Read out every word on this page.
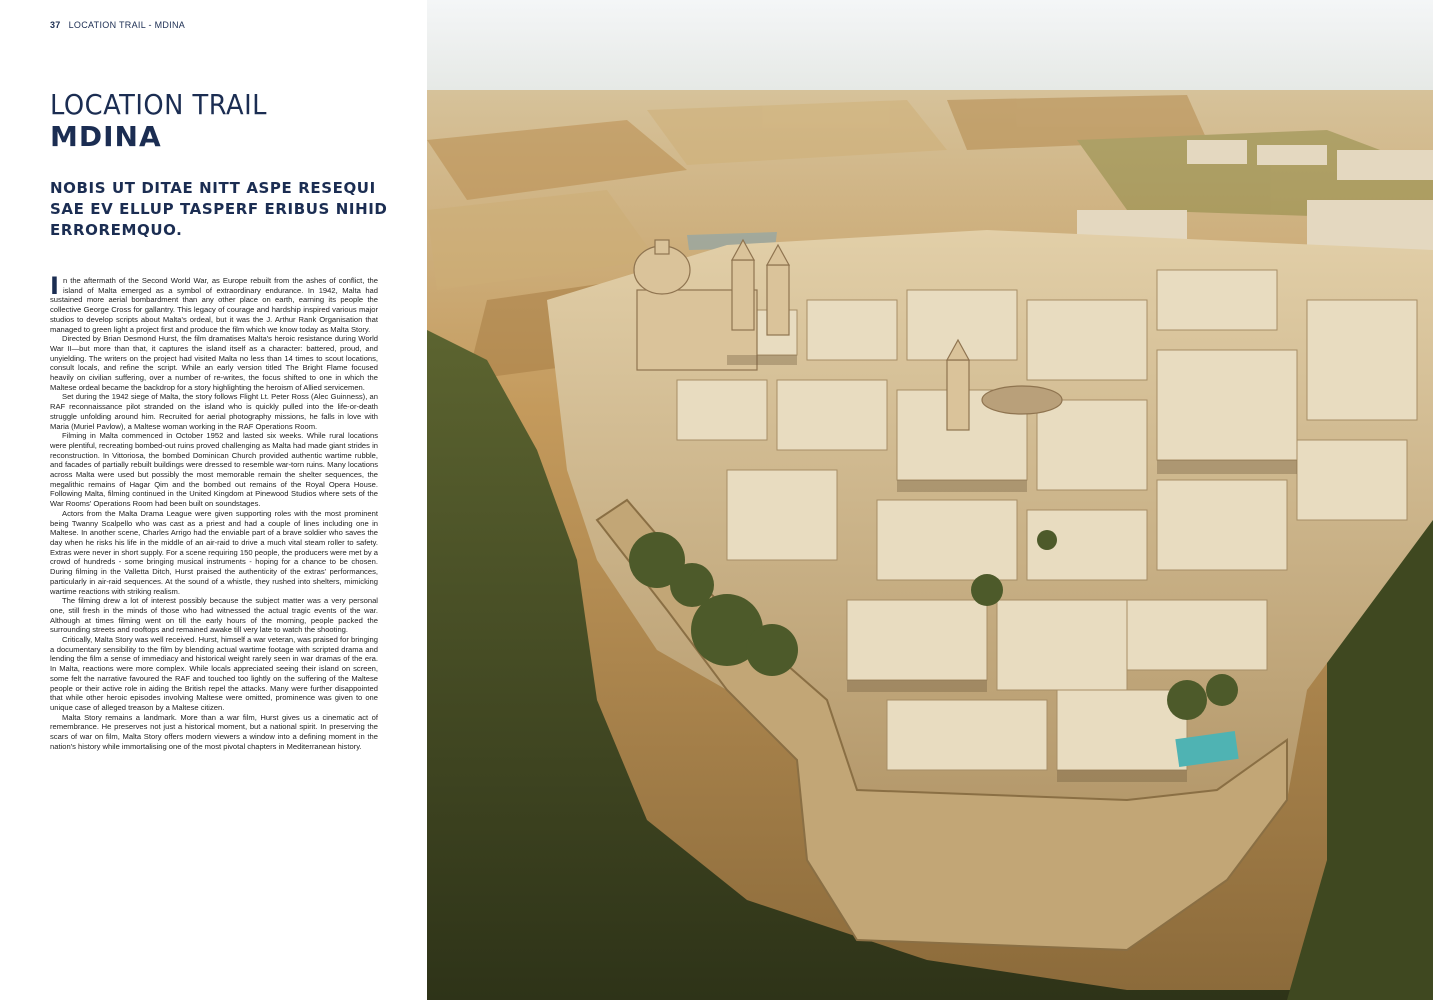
37 LOCATION TRAIL - MDINA
LOCATION TRAIL
MDINA
NOBIS UT DITAE NITT ASPE RESEQUI SAE EV ELLUP TASPERF ERIBUS NIHID ERROREMQUO.

In the aftermath of the Second World War, as Europe rebuilt from the ashes of conflict, the island of Malta emerged as a symbol of extraordinary endurance. In 1942, Malta had sustained more aerial bombardment than any other place on earth, earning its people the collective George Cross for gallantry. This legacy of courage and hardship inspired various major studios to develop scripts about Malta's ordeal, but it was the J. Arthur Rank Organisation that managed to green light a project first and produce the film which we know today as Malta Story.

Directed by Brian Desmond Hurst, the film dramatises Malta's heroic resistance during World War II—but more than that, it captures the island itself as a character: battered, proud, and unyielding. The writers on the project had visited Malta no less than 14 times to scout locations, consult locals, and refine the script. While an early version titled The Bright Flame focused heavily on civilian suffering, over a number of re-writes, the focus shifted to one in which the Maltese ordeal became the backdrop for a story highlighting the heroism of Allied servicemen.

Set during the 1942 siege of Malta, the story follows Flight Lt. Peter Ross (Alec Guinness), an RAF reconnaissance pilot stranded on the island who is quickly pulled into the life-or-death struggle unfolding around him. Recruited for aerial photography missions, he falls in love with Maria (Muriel Pavlow), a Maltese woman working in the RAF Operations Room.

Filming in Malta commenced in October 1952 and lasted six weeks. While rural locations were plentiful, recreating bombed-out ruins proved challenging as Malta had made giant strides in reconstruction. In Vittoriosa, the bombed Dominican Church provided authentic wartime rubble, and facades of partially rebuilt buildings were dressed to resemble war-torn ruins. Many locations across Malta were used but possibly the most memorable remain the shelter sequences, the megalithic remains of Hagar Qim and the bombed out remains of the Royal Opera House. Following Malta, filming continued in the United Kingdom at Pinewood Studios where sets of the War Rooms' Operations Room had been built on soundstages.

Actors from the Malta Drama League were given supporting roles with the most prominent being Twanny Scalpello who was cast as a priest and had a couple of lines including one in Maltese. In another scene, Charles Arrigo had the enviable part of a brave soldier who saves the day when he risks his life in the middle of an air-raid to drive a much vital steam roller to safety. Extras were never in short supply. For a scene requiring 150 people, the producers were met by a crowd of hundreds - some bringing musical instruments - hoping for a chance to be chosen. During filming in the Valletta Ditch, Hurst praised the authenticity of the extras' performances, particularly in air-raid sequences. At the sound of a whistle, they rushed into shelters, mimicking wartime reactions with striking realism.

The filming drew a lot of interest possibly because the subject matter was a very personal one, still fresh in the minds of those who had witnessed the actual tragic events of the war. Although at times filming went on till the early hours of the morning, people packed the surrounding streets and rooftops and remained awake till very late to watch the shooting.

Critically, Malta Story was well received. Hurst, himself a war veteran, was praised for bringing a documentary sensibility to the film by blending actual wartime footage with scripted drama and lending the film a sense of immediacy and historical weight rarely seen in war dramas of the era. In Malta, reactions were more complex. While locals appreciated seeing their island on screen, some felt the narrative favoured the RAF and touched too lightly on the suffering of the Maltese people or their active role in aiding the British repel the attacks. Many were further disappointed that while other heroic episodes involving Maltese were omitted, prominence was given to one unique case of alleged treason by a Maltese citizen.

Malta Story remains a landmark. More than a war film, Hurst gives us a cinematic act of remembrance. He preserves not just a historical moment, but a national spirit. In preserving the scars of war on film, Malta Story offers modern viewers a window into a defining moment in the nation's history while immortalising one of the most pivotal chapters in Mediterranean history.
